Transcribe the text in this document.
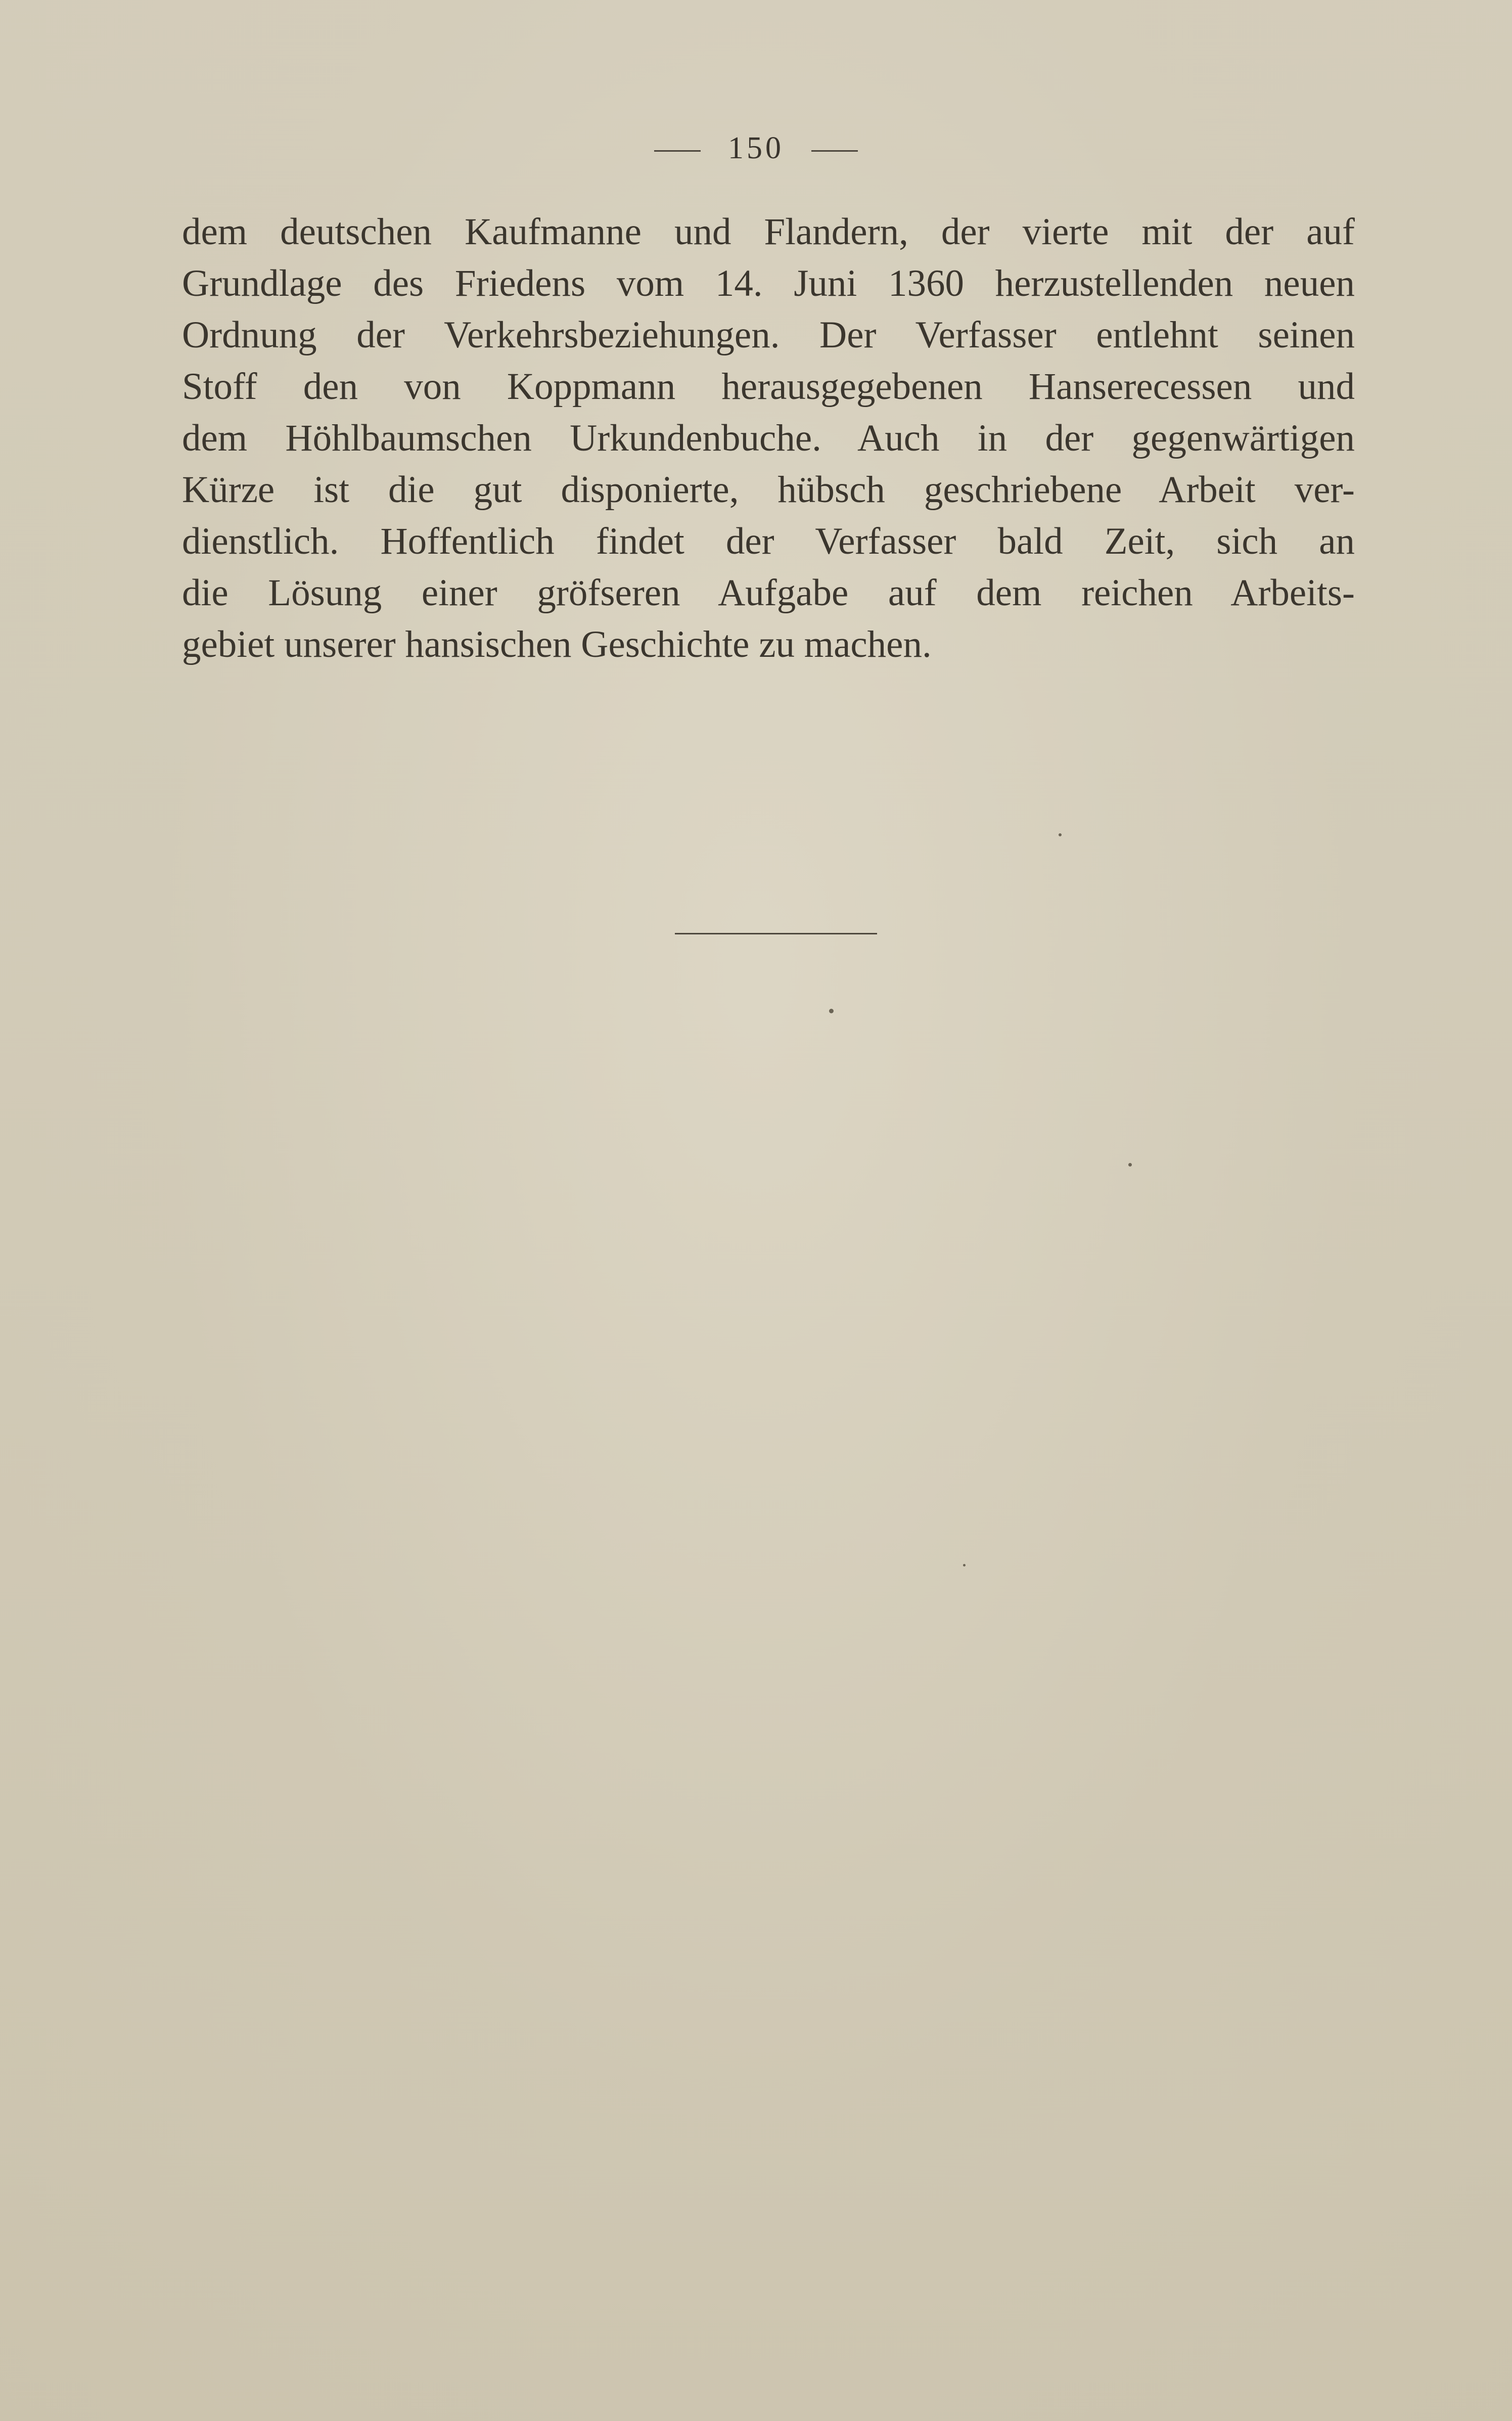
150
dem deutschen Kaufmanne und Flandern, der vierte mit der auf
Grundlage des Friedens vom 14. Juni 1360 herzustellenden neuen
Ordnung der Verkehrsbeziehungen. Der Verfasser entlehnt seinen
Stoff den von Koppmann herausgegebenen Hanserecessen und
dem Höhlbaumschen Urkundenbuche. Auch in der gegenwärtigen
Kürze ist die gut disponierte, hübsch geschriebene Arbeit ver-
dienstlich. Hoffentlich findet der Verfasser bald Zeit, sich an
die Lösung einer gröfseren Aufgabe auf dem reichen Arbeits-
gebiet unserer hansischen Geschichte zu machen.
